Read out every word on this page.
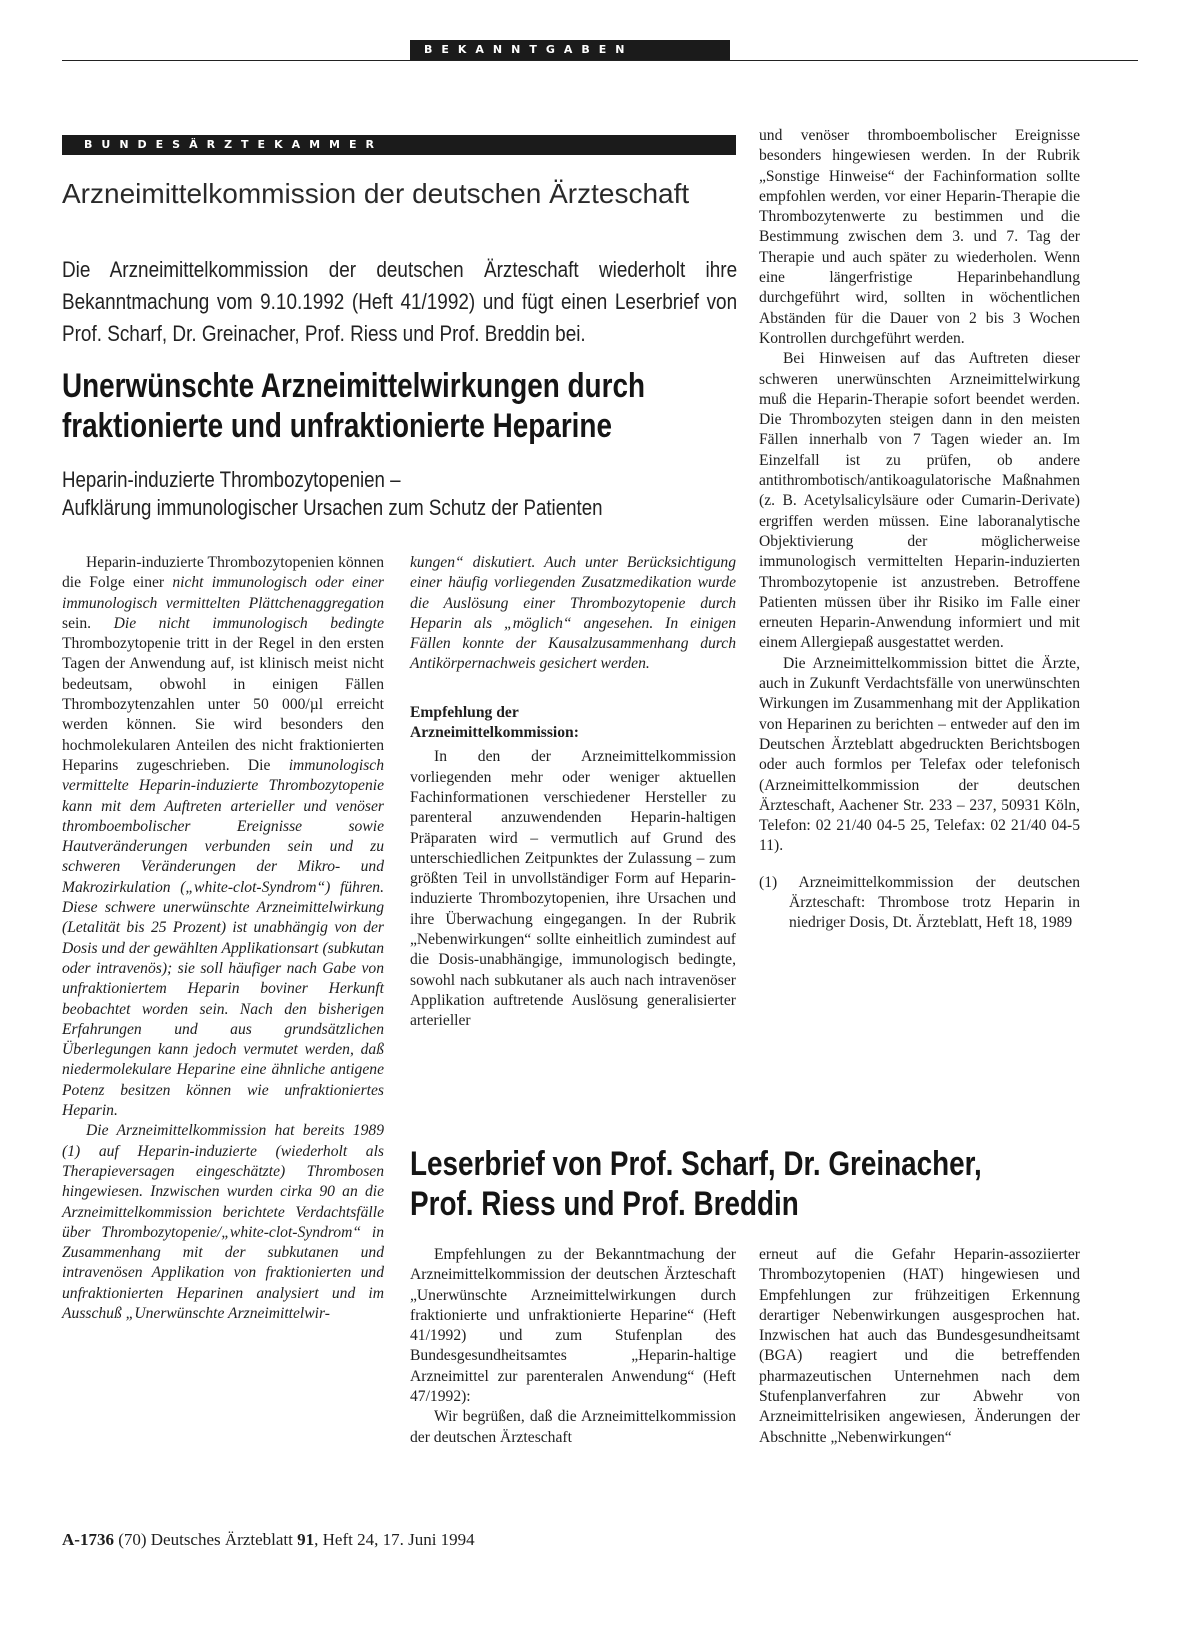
BEKANNTGABEN
BUNDESÄRZTEKAMMER
Arzneimittelkommission der deutschen Ärzteschaft
Die Arzneimittelkommission der deutschen Ärzteschaft wiederholt ihre Bekanntmachung vom 9.10.1992 (Heft 41/1992) und fügt einen Leserbrief von Prof. Scharf, Dr. Greinacher, Prof. Riess und Prof. Breddin bei.
Unerwünschte Arzneimittelwirkungen durch
fraktionierte und unfraktionierte Heparine
Heparin-induzierte Thrombozytopenien –
Aufklärung immunologischer Ursachen zum Schutz der Patienten

Heparin-induzierte Thrombozytopenien können die Folge einer nicht immunologisch oder einer immunologisch vermittelten Plättchenaggregation sein. Die nicht immunologisch bedingte Thrombozytopenie tritt in der Regel in den ersten Tagen der Anwendung auf, ist klinisch meist nicht bedeutsam, obwohl in einigen Fällen Thrombozytenzahlen unter 50 000/µl erreicht werden können. Sie wird besonders den hochmolekularen Anteilen des nicht fraktionierten Heparins zugeschrieben. Die immunologisch vermittelte Heparin-induzierte Thrombozytopenie kann mit dem Auftreten arterieller und venöser thromboembolischer Ereignisse sowie Hautveränderungen verbunden sein und zu schweren Veränderungen der Mikro- und Makrozirkulation („white-clot-Syndrom“) führen. Diese schwere unerwünschte Arzneimittelwirkung (Letalität bis 25 Prozent) ist unabhängig von der Dosis und der gewählten Applikationsart (subkutan oder intravenös); sie soll häufiger nach Gabe von unfraktioniertem Heparin boviner Herkunft beobachtet worden sein. Nach den bisherigen Erfahrungen und aus grundsätzlichen Überlegungen kann jedoch vermutet werden, daß niedermolekulare Heparine eine ähnliche antigene Potenz besitzen können wie unfraktioniertes Heparin.

Die Arzneimittelkommission hat bereits 1989 (1) auf Heparin-induzierte (wiederholt als Therapieversagen eingeschätzte) Thrombosen hingewiesen. Inzwischen wurden cirka 90 an die Arzneimittelkommission berichtete Verdachtsfälle über Thrombozytopenie/„white-clot-Syndrom“ in Zusammenhang mit der subkutanen und intravenösen Applikation von fraktionierten und unfraktionierten Heparinen analysiert und im Ausschuß „Unerwünschte Arzneimittelwir-

kungen“ diskutiert. Auch unter Berücksichtigung einer häufig vorliegenden Zusatzmedikation wurde die Auslösung einer Thrombozytopenie durch Heparin als „möglich“ angesehen. In einigen Fällen konnte der Kausalzusammenhang durch Antikörpernachweis gesichert werden.

Empfehlung der
Arzneimittelkommission:

In den der Arzneimittelkommission vorliegenden mehr oder weniger aktuellen Fachinformationen verschiedener Hersteller zu parenteral anzuwendenden Heparin-haltigen Präparaten wird – vermutlich auf Grund des unterschiedlichen Zeitpunktes der Zulassung – zum größten Teil in unvollständiger Form auf Heparin-induzierte Thrombozytopenien, ihre Ursachen und ihre Überwachung eingegangen. In der Rubrik „Nebenwirkungen“ sollte einheitlich zumindest auf die Dosis-unabhängige, immunologisch bedingte, sowohl nach subkutaner als auch nach intravenöser Applikation auftretende Auslösung generalisierter arterieller

und venöser thromboembolischer Ereignisse besonders hingewiesen werden. In der Rubrik „Sonstige Hinweise“ der Fachinformation sollte empfohlen werden, vor einer Heparin-Therapie die Thrombozytenwerte zu bestimmen und die Bestimmung zwischen dem 3. und 7. Tag der Therapie und auch später zu wiederholen. Wenn eine längerfristige Heparinbehandlung durchgeführt wird, sollten in wöchentlichen Abständen für die Dauer von 2 bis 3 Wochen Kontrollen durchgeführt werden.

Bei Hinweisen auf das Auftreten dieser schweren unerwünschten Arzneimittelwirkung muß die Heparin-Therapie sofort beendet werden. Die Thrombozyten steigen dann in den meisten Fällen innerhalb von 7 Tagen wieder an. Im Einzelfall ist zu prüfen, ob andere antithrombotisch/antikoagulatorische Maßnahmen (z. B. Acetylsalicylsäure oder Cumarin-Derivate) ergriffen werden müssen. Eine laboranalytische Objektivierung der möglicherweise immunologisch vermittelten Heparin-induzierten Thrombozytopenie ist anzustreben. Betroffene Patienten müssen über ihr Risiko im Falle einer erneuten Heparin-Anwendung informiert und mit einem Allergiepaß ausgestattet werden.

Die Arzneimittelkommission bittet die Ärzte, auch in Zukunft Verdachtsfälle von unerwünschten Wirkungen im Zusammenhang mit der Applikation von Heparinen zu berichten – entweder auf den im Deutschen Ärzteblatt abgedruckten Berichtsbogen oder auch formlos per Telefax oder telefonisch (Arzneimittelkommission der deutschen Ärzteschaft, Aachener Str. 233 – 237, 50931 Köln, Telefon: 02 21/40 04-5 25, Telefax: 02 21/40 04-5 11).

(1) Arzneimittelkommission der deutschen Ärzteschaft: Thrombose trotz Heparin in niedriger Dosis, Dt. Ärzteblatt, Heft 18, 1989
Leserbrief von Prof. Scharf, Dr. Greinacher,
Prof. Riess und Prof. Breddin

Empfehlungen zu der Bekanntmachung der Arzneimittelkommission der deutschen Ärzteschaft „Unerwünschte Arzneimittelwirkungen durch fraktionierte und unfraktionierte Heparine“ (Heft 41/1992) und zum Stufenplan des Bundesgesundheitsamtes „Heparin-haltige Arzneimittel zur parenteralen Anwendung“ (Heft 47/1992):

Wir begrüßen, daß die Arzneimittelkommission der deutschen Ärzteschaft

erneut auf die Gefahr Heparin-assoziierter Thrombozytopenien (HAT) hingewiesen und Empfehlungen zur frühzeitigen Erkennung derartiger Nebenwirkungen ausgesprochen hat. Inzwischen hat auch das Bundesgesundheitsamt (BGA) reagiert und die betreffenden pharmazeutischen Unternehmen nach dem Stufenplanverfahren zur Abwehr von Arzneimittelrisiken angewiesen, Änderungen der Abschnitte „Nebenwirkungen“

A-1736 (70) Deutsches Ärzteblatt 91, Heft 24, 17. Juni 1994
